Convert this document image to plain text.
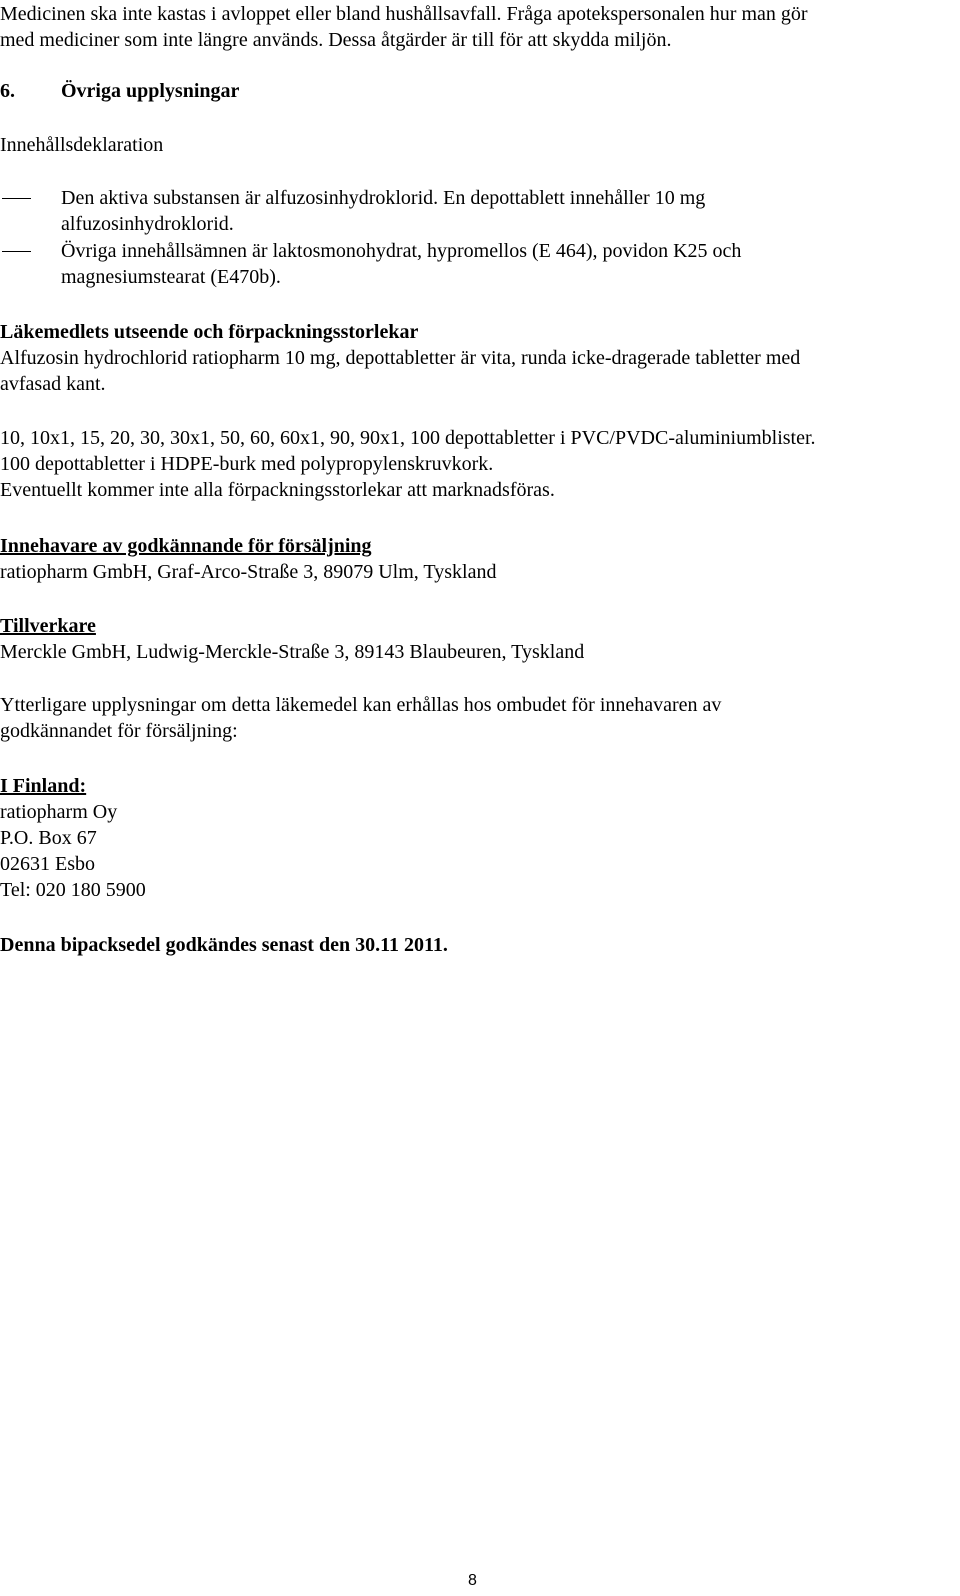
Medicinen ska inte kastas i avloppet eller bland hushållsavfall. Fråga apotekspersonalen hur man gör
med mediciner som inte längre används. Dessa åtgärder är till för att skydda miljön.
6. Övriga upplysningar
Innehållsdeklaration
Den aktiva substansen är alfuzosinhydroklorid. En depottablett innehåller 10 mg
alfuzosinhydroklorid.
Övriga innehållsämnen är laktosmonohydrat, hypromellos (E 464), povidon K25 och
magnesiumstearat (E470b).
Läkemedlets utseende och förpackningsstorlekar
Alfuzosin hydrochlorid ratiopharm 10 mg, depottabletter är vita, runda icke-dragerade tabletter med
avfasad kant.
10, 10x1, 15, 20, 30, 30x1, 50, 60, 60x1, 90, 90x1, 100 depottabletter i PVC/PVDC-aluminiumblister.
100 depottabletter i HDPE-burk med polypropylenskruvkork.
Eventuellt kommer inte alla förpackningsstorlekar att marknadsföras.
Innehavare av godkännande för försäljning
ratiopharm GmbH, Graf-Arco-Straße 3, 89079 Ulm, Tyskland
Tillverkare
Merckle GmbH, Ludwig-Merckle-Straße 3, 89143 Blaubeuren, Tyskland
Ytterligare upplysningar om detta läkemedel kan erhållas hos ombudet för innehavaren av
godkännandet för försäljning:
I Finland:
ratiopharm Oy
P.O. Box 67
02631 Esbo
Tel: 020 180 5900
Denna bipacksedel godkändes senast den 30.11 2011.
8
